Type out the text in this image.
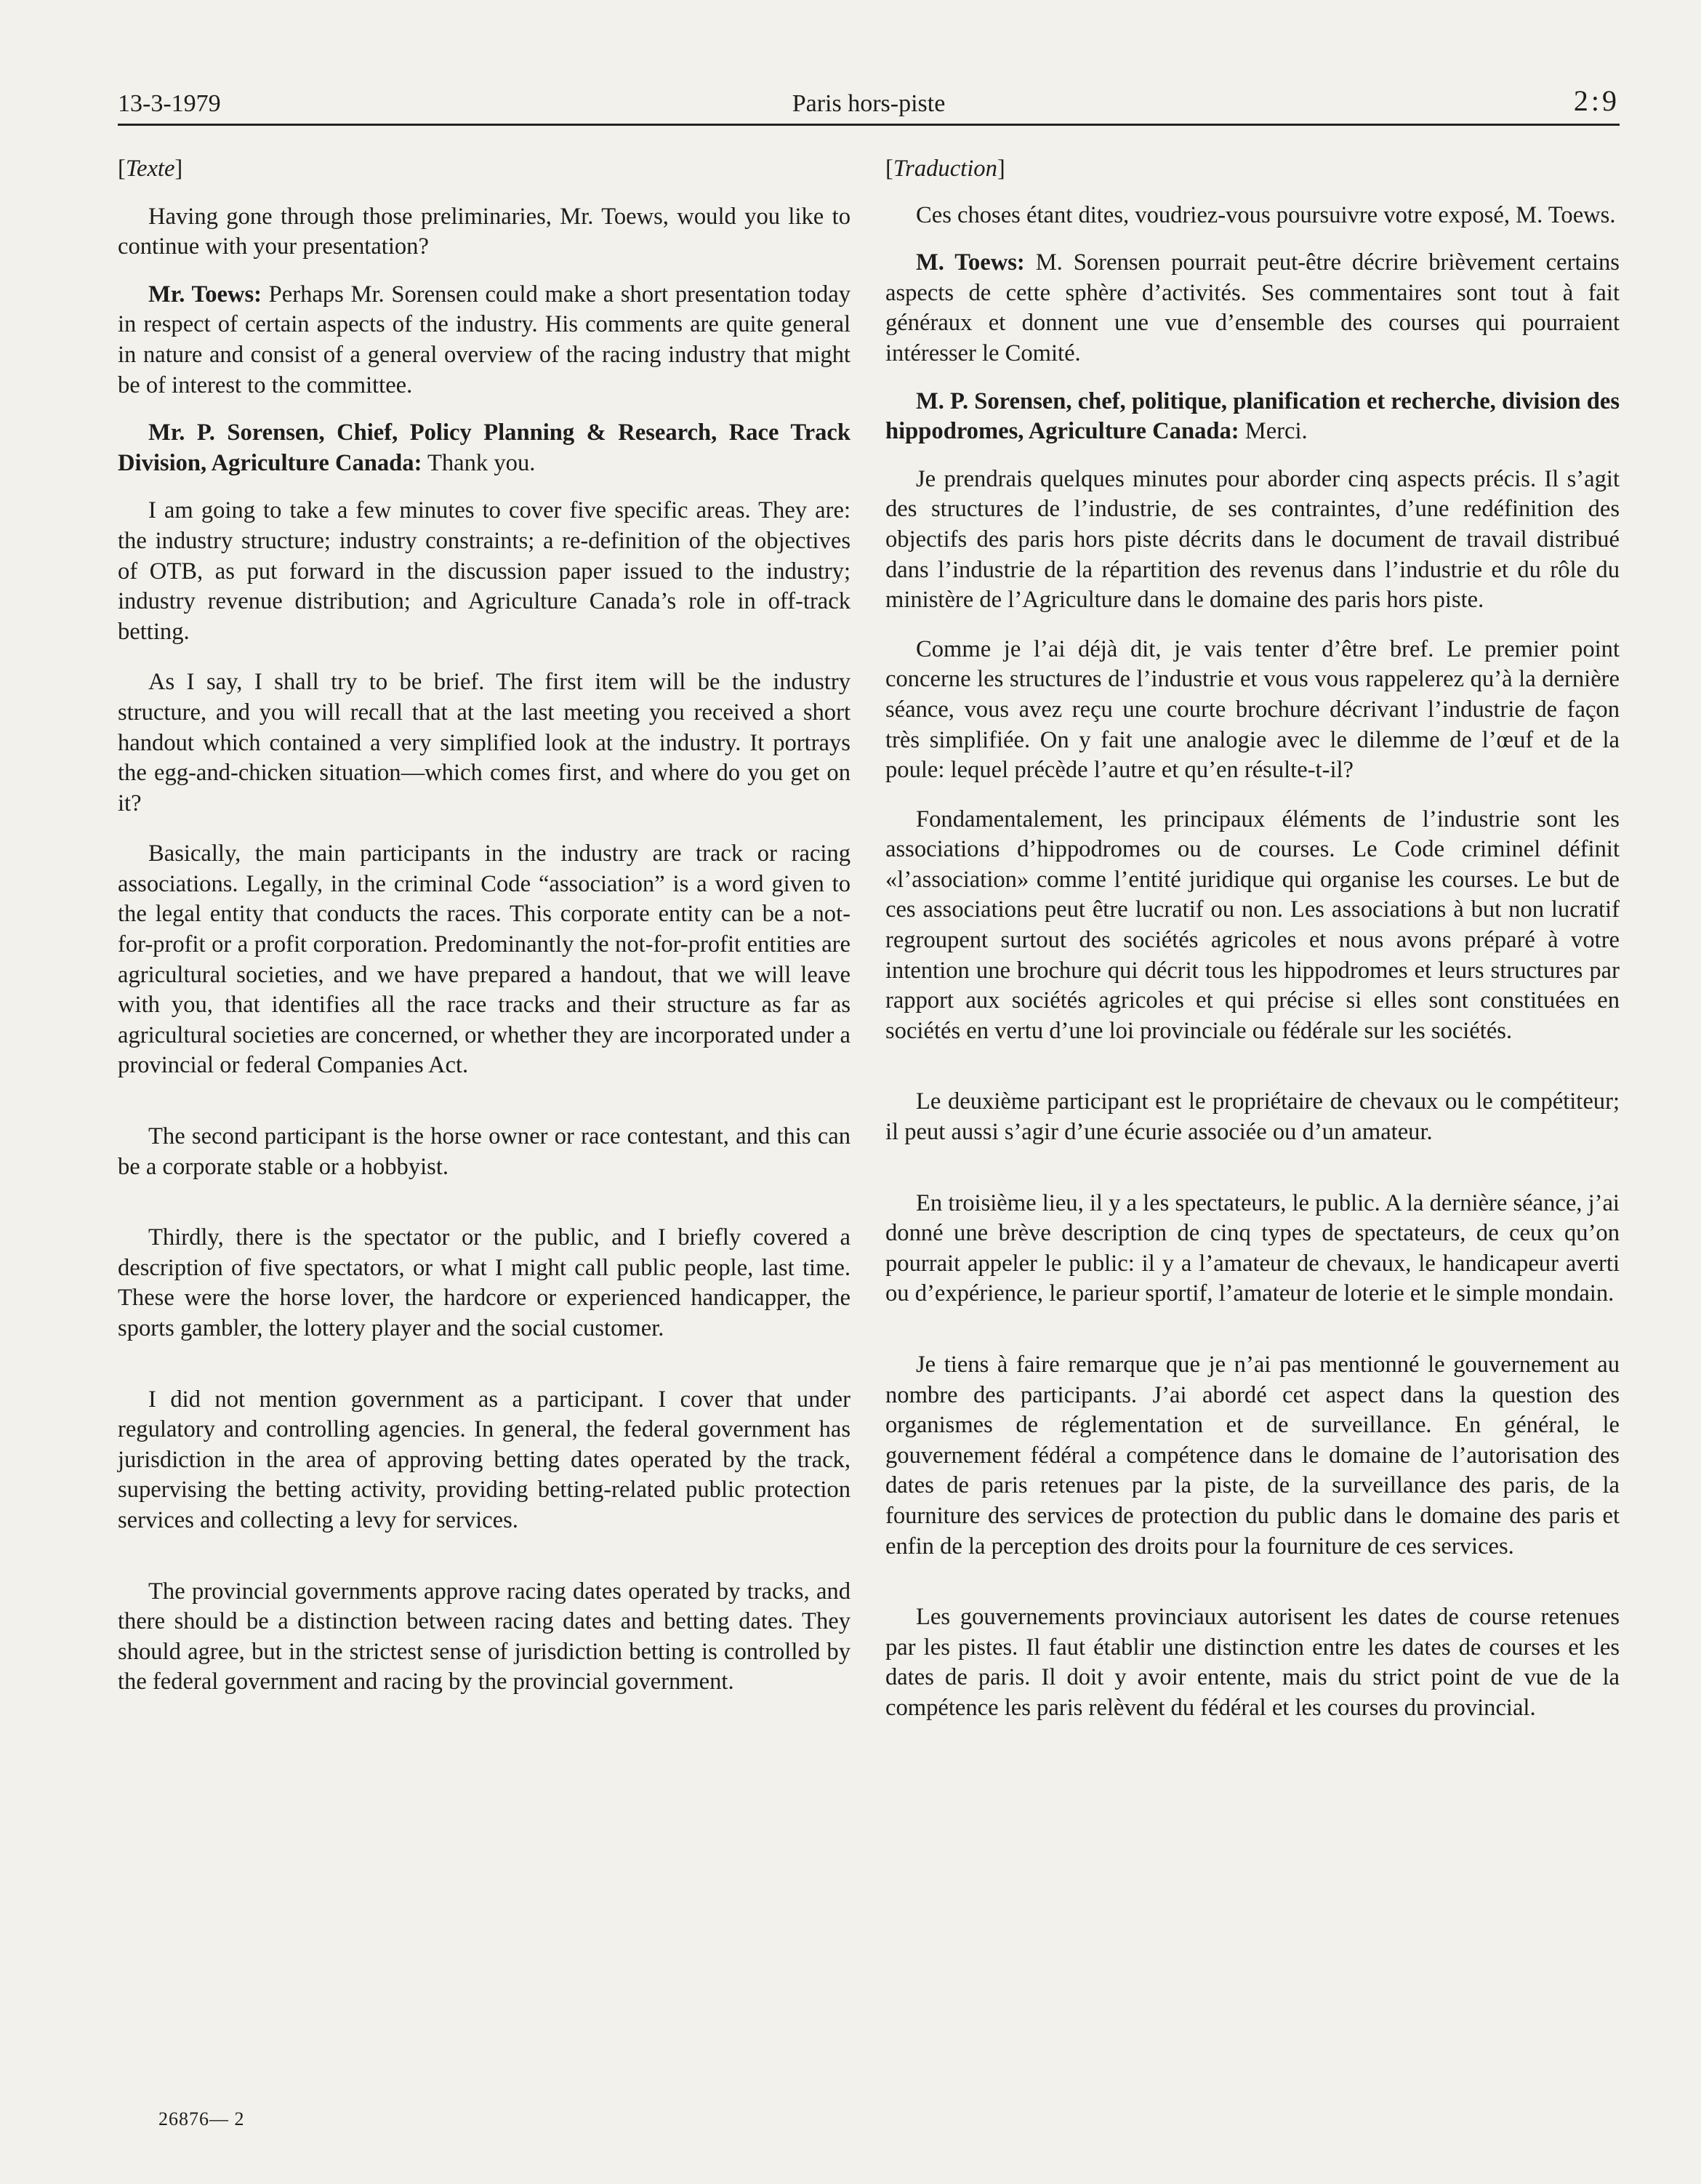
13-3-1979	Paris hors-piste	2:9

[Texte]

Having gone through those preliminaries, Mr. Toews, would you like to continue with your presentation?

Mr. Toews: Perhaps Mr. Sorensen could make a short presentation today in respect of certain aspects of the industry. His comments are quite general in nature and consist of a general overview of the racing industry that might be of interest to the committee.

Mr. P. Sorensen, Chief, Policy Planning & Research, Race Track Division, Agriculture Canada: Thank you.

I am going to take a few minutes to cover five specific areas. They are: the industry structure; industry constraints; a re-definition of the objectives of OTB, as put forward in the discussion paper issued to the industry; industry revenue distribution; and Agriculture Canada’s role in off-track betting.

As I say, I shall try to be brief. The first item will be the industry structure, and you will recall that at the last meeting you received a short handout which contained a very simplified look at the industry. It portrays the egg-and-chicken situation—which comes first, and where do you get on it?

Basically, the main participants in the industry are track or racing associations. Legally, in the criminal Code “association” is a word given to the legal entity that conducts the races. This corporate entity can be a not-for-profit or a profit corporation. Predominantly the not-for-profit entities are agricultural societies, and we have prepared a handout, that we will leave with you, that identifies all the race tracks and their structure as far as agricultural societies are concerned, or whether they are incorporated under a provincial or federal Companies Act.

The second participant is the horse owner or race contestant, and this can be a corporate stable or a hobbyist.

Thirdly, there is the spectator or the public, and I briefly covered a description of five spectators, or what I might call public people, last time. These were the horse lover, the hardcore or experienced handicapper, the sports gambler, the lottery player and the social customer.

I did not mention government as a participant. I cover that under regulatory and controlling agencies. In general, the federal government has jurisdiction in the area of approving betting dates operated by the track, supervising the betting activity, providing betting-related public protection services and collecting a levy for services.

The provincial governments approve racing dates operated by tracks, and there should be a distinction between racing dates and betting dates. They should agree, but in the strictest sense of jurisdiction betting is controlled by the federal government and racing by the provincial government.

[Traduction]

Ces choses étant dites, voudriez-vous poursuivre votre exposé, M. Toews.

M. Toews: M. Sorensen pourrait peut-être décrire brièvement certains aspects de cette sphère d’activités. Ses commentaires sont tout à fait généraux et donnent une vue d’ensemble des courses qui pourraient intéresser le Comité.

M. P. Sorensen, chef, politique, planification et recherche, division des hippodromes, Agriculture Canada: Merci.

Je prendrais quelques minutes pour aborder cinq aspects précis. Il s’agit des structures de l’industrie, de ses contraintes, d’une redéfinition des objectifs des paris hors piste décrits dans le document de travail distribué dans l’industrie de la répartition des revenus dans l’industrie et du rôle du ministère de l’Agriculture dans le domaine des paris hors piste.

Comme je l’ai déjà dit, je vais tenter d’être bref. Le premier point concerne les structures de l’industrie et vous vous rappelerez qu’à la dernière séance, vous avez reçu une courte brochure décrivant l’industrie de façon très simplifiée. On y fait une analogie avec le dilemme de l’œuf et de la poule: lequel précède l’autre et qu’en résulte-t-il?

Fondamentalement, les principaux éléments de l’industrie sont les associations d’hippodromes ou de courses. Le Code criminel définit «l’association» comme l’entité juridique qui organise les courses. Le but de ces associations peut être lucratif ou non. Les associations à but non lucratif regroupent surtout des sociétés agricoles et nous avons préparé à votre intention une brochure qui décrit tous les hippodromes et leurs structures par rapport aux sociétés agricoles et qui précise si elles sont constituées en sociétés en vertu d’une loi provinciale ou fédérale sur les sociétés.

Le deuxième participant est le propriétaire de chevaux ou le compétiteur; il peut aussi s’agir d’une écurie associée ou d’un amateur.

En troisième lieu, il y a les spectateurs, le public. A la dernière séance, j’ai donné une brève description de cinq types de spectateurs, de ceux qu’on pourrait appeler le public: il y a l’amateur de chevaux, le handicapeur averti ou d’expérience, le parieur sportif, l’amateur de loterie et le simple mondain.

Je tiens à faire remarque que je n’ai pas mentionné le gouvernement au nombre des participants. J’ai abordé cet aspect dans la question des organismes de réglementation et de surveillance. En général, le gouvernement fédéral a compétence dans le domaine de l’autorisation des dates de paris retenues par la piste, de la surveillance des paris, de la fourniture des services de protection du public dans le domaine des paris et enfin de la perception des droits pour la fourniture de ces services.

Les gouvernements provinciaux autorisent les dates de course retenues par les pistes. Il faut établir une distinction entre les dates de courses et les dates de paris. Il doit y avoir entente, mais du strict point de vue de la compétence les paris relèvent du fédéral et les courses du provincial.

26876— 2
